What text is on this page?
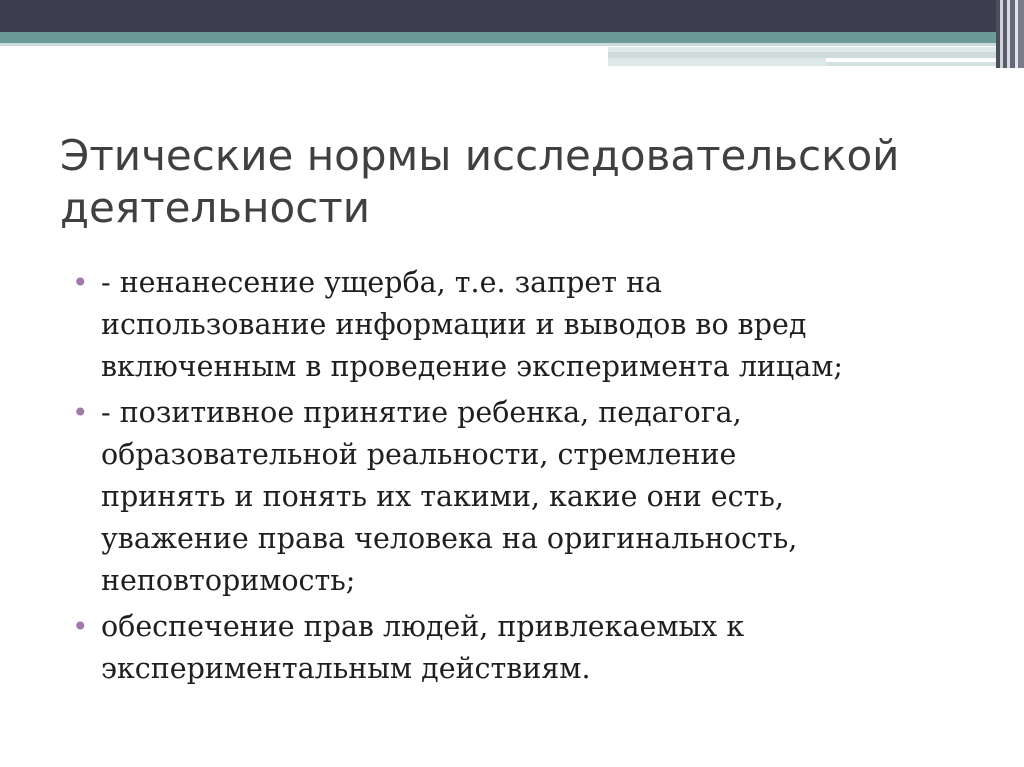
Этические нормы исследовательской
деятельности
• - ненанесение ущерба, т.е. запрет на
использование информации и выводов во вред
включенным в проведение эксперимента лицам;
• - позитивное принятие ребенка, педагога,
образовательной реальности, стремление
принять и понять их такими, какие они есть,
уважение права человека на оригинальность,
неповторимость;
• обеспечение прав людей, привлекаемых к
экспериментальным действиям.
